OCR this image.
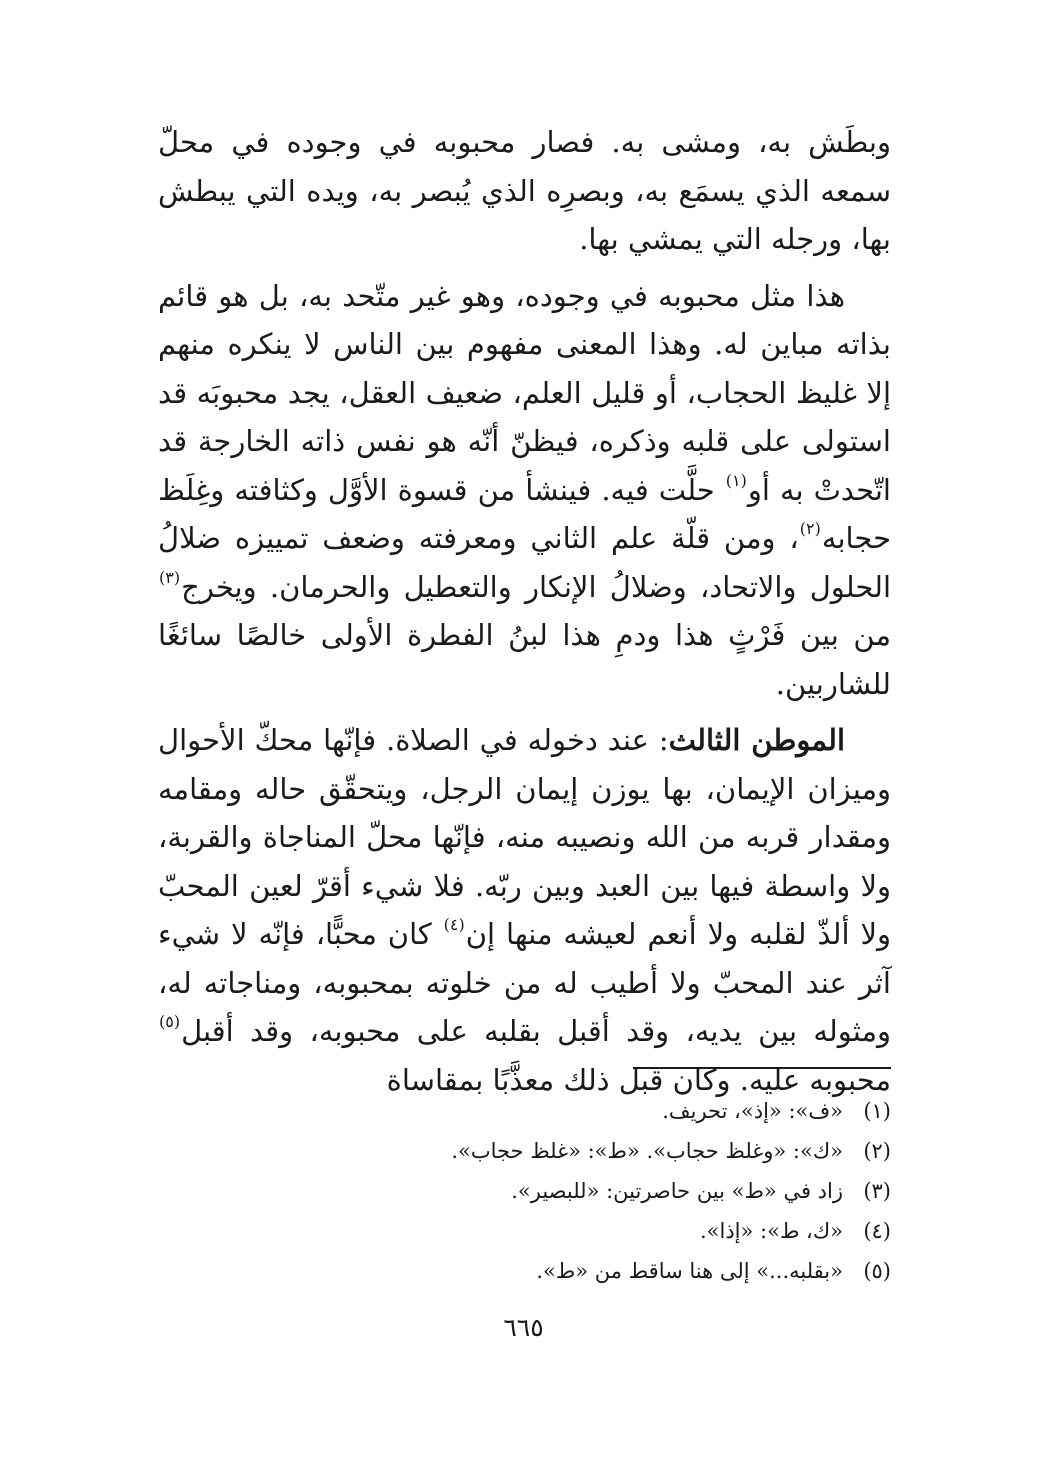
وبطَش به، ومشى به. فصار محبوبه في وجوده في محلّ سمعه الذي يسمَع به، وبصرِه الذي يُبصر به، ويده التي يبطش بها، ورجله التي يمشي بها.

هذا مثل محبوبه في وجوده، وهو غير متّحد به، بل هو قائم بذاته مباين له. وهذا المعنى مفهوم بين الناس لا ينكره منهم إلا غليظ الحجاب، أو قليل العلم، ضعيف العقل، يجد محبوبَه قد استولى على قلبه وذكره، فيظنّ أنّه هو نفس ذاته الخارجة قد اتّحدتْ به أو$^{(١)}$ حلَّت فيه. فينشأ من قسوة الأوَّل وكثافته وغِلَظ حجابه$^{(٢)}$، ومن قلّة علم الثاني ومعرفته وضعف تمييزه ضلالُ الحلول والاتحاد، وضلالُ الإنكار والتعطيل والحرمان. ويخرج$^{(٣)}$ من بين فَرْثٍ هذا ودمِ هذا لبنُ الفطرة الأولى خالصًا سائغًا للشاربين.

الموطن الثالث: عند دخوله في الصلاة. فإنّها محكّ الأحوال وميزان الإيمان، بها يوزن إيمان الرجل، ويتحقّق حاله ومقامه ومقدار قربه من الله ونصيبه منه، فإنّها محلّ المناجاة والقربة، ولا واسطة فيها بين العبد وبين ربّه. فلا شيء أقرّ لعين المحبّ ولا ألذّ لقلبه ولا أنعم لعيشه منها إن$^{(٤)}$ كان محبًّا، فإنّه لا شيء آثر عند المحبّ ولا أطيب له من خلوته بمحبوبه، ومناجاته له، ومثوله بين يديه، وقد أقبل بقلبه على محبوبه، وقد أقبل$^{(٥)}$ محبوبه عليه. وكان قبل ذلك معذَّبًا بمقاساة

(١)«ف»: «إذ»، تحريف.
(٢)«ك»: «وغلظ حجاب». «ط»: «غلظ حجاب».
(٣)زاد في «ط» بين حاصرتين: «للبصير».
(٤)«ك، ط»: «إذا».
(٥)«بقلبه...» إلى هنا ساقط من «ط».
٦٦٥
